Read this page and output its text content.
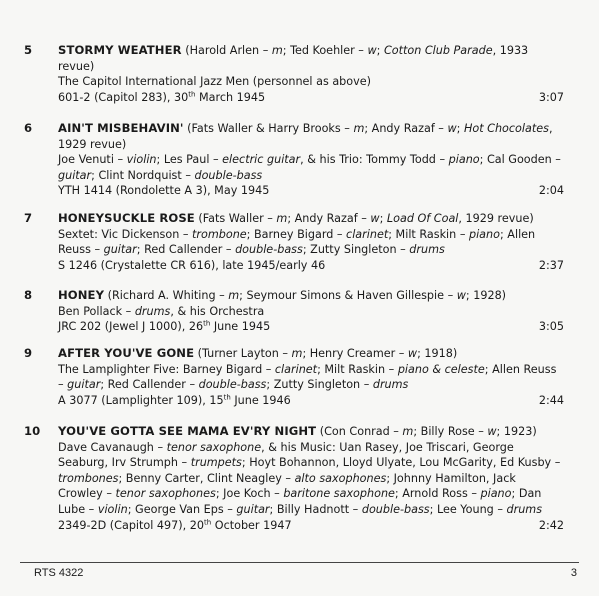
5	STORMY WEATHER (Harold Arlen – m; Ted Koehler – w; Cotton Club Parade, 1933 revue)
The Capitol International Jazz Men (personnel as above)
601-2 (Capitol 283), 30th March 1945	3:07
6	AIN'T MISBEHAVIN' (Fats Waller & Harry Brooks – m; Andy Razaf – w; Hot Chocolates, 1929 revue)
Joe Venuti – violin; Les Paul – electric guitar, & his Trio: Tommy Todd – piano; Cal Gooden – guitar; Clint Nordquist – double-bass
YTH 1414 (Rondolette A 3), May 1945	2:04
7	HONEYSUCKLE ROSE (Fats Waller – m; Andy Razaf – w; Load Of Coal, 1929 revue)
Sextet: Vic Dickenson – trombone; Barney Bigard – clarinet; Milt Raskin – piano; Allen Reuss – guitar; Red Callender – double-bass; Zutty Singleton – drums
S 1246 (Crystalette CR 616), late 1945/early 46	2:37
8	HONEY (Richard A. Whiting – m; Seymour Simons & Haven Gillespie – w; 1928)
Ben Pollack – drums, & his Orchestra
JRC 202 (Jewel J 1000), 26th June 1945	3:05
9	AFTER YOU'VE GONE (Turner Layton – m; Henry Creamer – w; 1918)
The Lamplighter Five: Barney Bigard – clarinet; Milt Raskin – piano & celeste; Allen Reuss – guitar; Red Callender – double-bass; Zutty Singleton – drums
A 3077 (Lamplighter 109), 15th June 1946	2:44
10	YOU'VE GOTTA SEE MAMA EV'RY NIGHT (Con Conrad – m; Billy Rose – w; 1923)
Dave Cavanaugh – tenor saxophone, & his Music: Uan Rasey, Joe Triscari, George Seaburg, Irv Strumph – trumpets; Hoyt Bohannon, Lloyd Ulyate, Lou McGarity, Ed Kusby – trombones; Benny Carter, Clint Neagley – alto saxophones; Johnny Hamilton, Jack Crowley – tenor saxophones; Joe Koch – baritone saxophone; Arnold Ross – piano; Dan Lube – violin; George Van Eps – guitar; Billy Hadnott – double-bass; Lee Young – drums
2349-2D (Capitol 497), 20th October 1947	2:42
RTS 4322	3
